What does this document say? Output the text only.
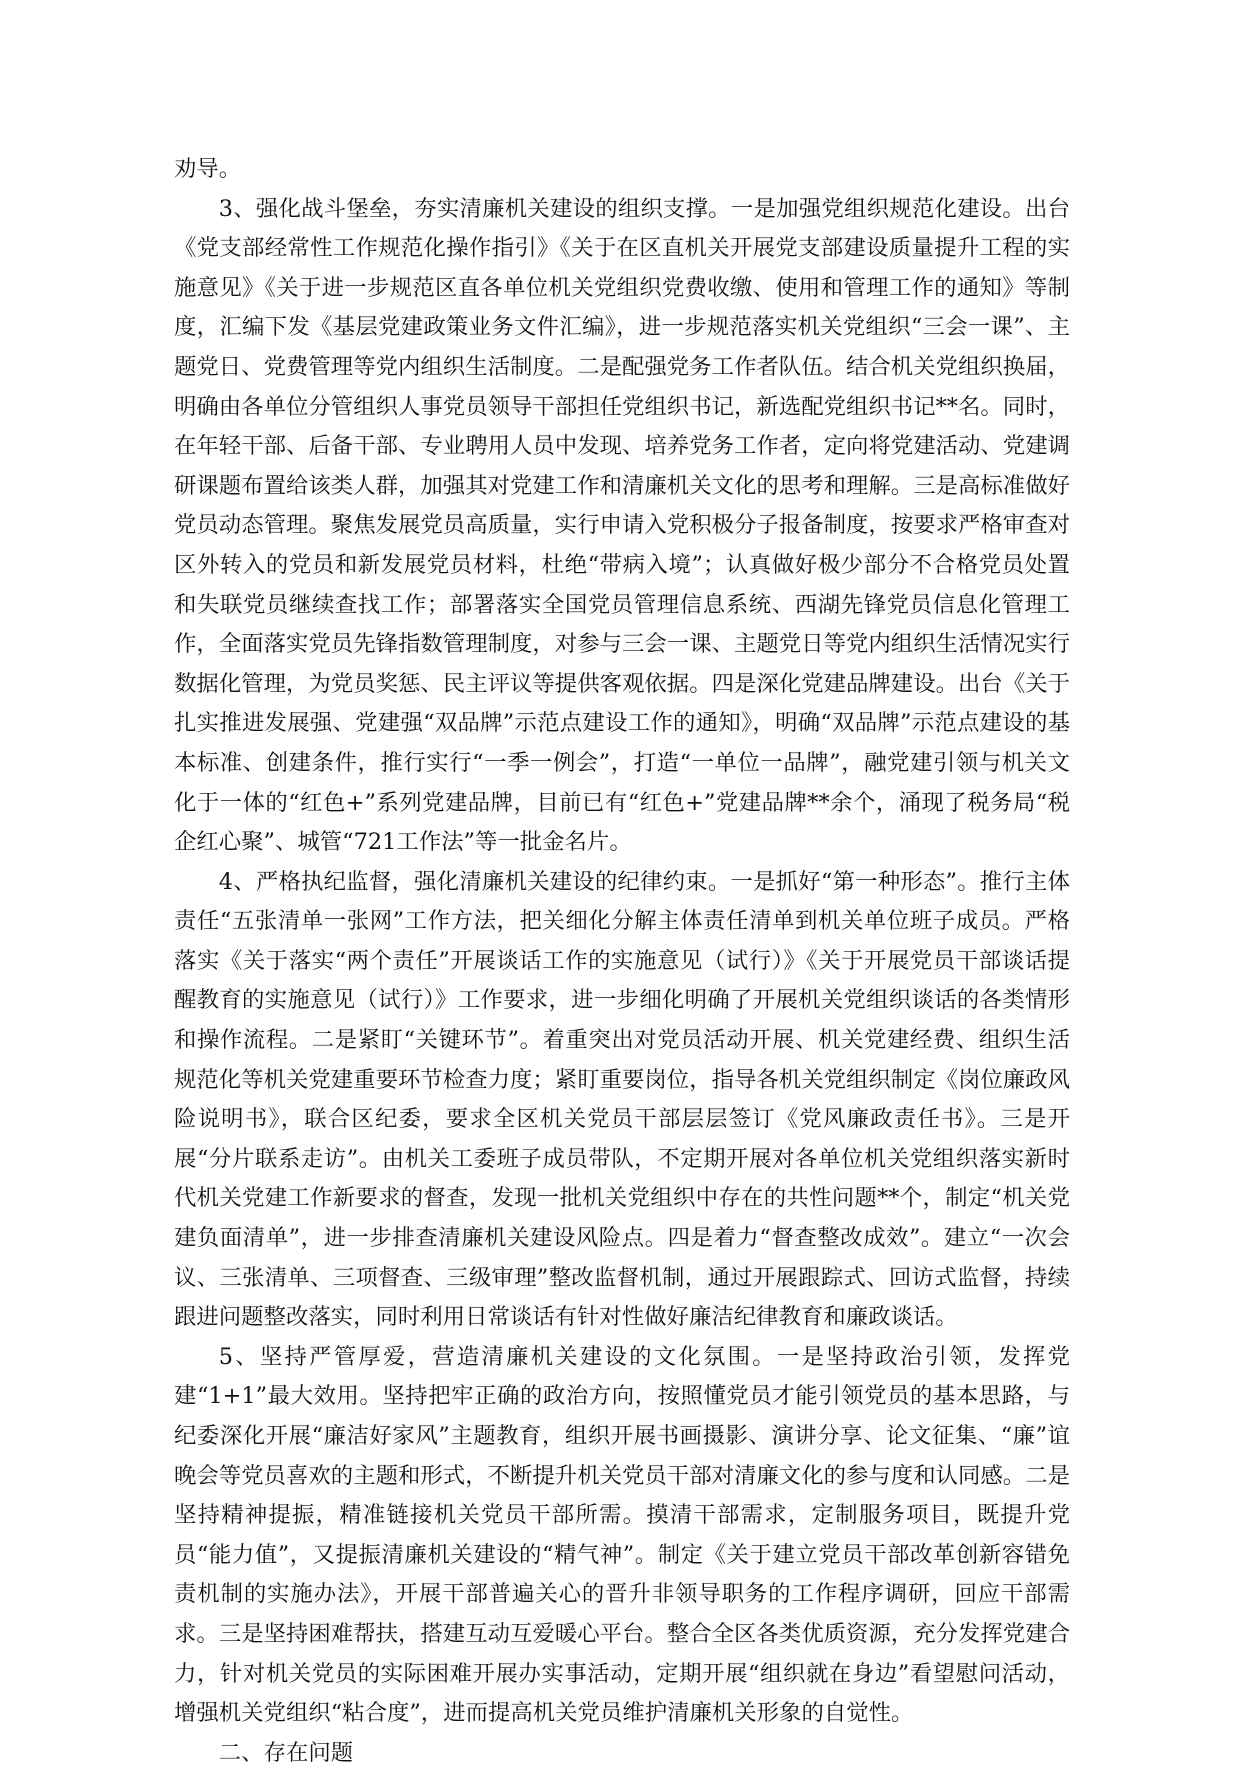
劝导。

3、强化战斗堡垒，夯实清廉机关建设的组织支撑。一是加强党组织规范化建设。出台《党支部经常性工作规范化操作指引》《关于在区直机关开展党支部建设质量提升工程的实施意见》《关于进一步规范区直各单位机关党组织党费收缴、使用和管理工作的通知》等制度，汇编下发《基层党建政策业务文件汇编》，进一步规范落实机关党组织“三会一课”、主题党日、党费管理等党内组织生活制度。二是配强党务工作者队伍。结合机关党组织换届，明确由各单位分管组织人事党员领导干部担任党组织书记，新选配党组织书记**名。同时，在年轻干部、后备干部、专业聘用人员中发现、培养党务工作者，定向将党建活动、党建调研课题布置给该类人群，加强其对党建工作和清廉机关文化的思考和理解。三是高标准做好党员动态管理。聚焦发展党员高质量，实行申请入党积极分子报备制度，按要求严格审查对区外转入的党员和新发展党员材料，杜绝“带病入境”；认真做好极少部分不合格党员处置和失联党员继续查找工作；部署落实全国党员管理信息系统、西湖先锋党员信息化管理工作，全面落实党员先锋指数管理制度，对参与三会一课、主题党日等党内组织生活情况实行数据化管理，为党员奖惩、民主评议等提供客观依据。四是深化党建品牌建设。出台《关于扎实推进发展强、党建强“双品牌”示范点建设工作的通知》，明确“双品牌”示范点建设的基本标准、创建条件，推行实行“一季一例会”，打造“一单位一品牌”，融党建引领与机关文化于一体的“红色+”系列党建品牌，目前已有“红色+”党建品牌**余个，涌现了税务局“税企红心聚”、城管“721工作法”等一批金名片。

4、严格执纪监督，强化清廉机关建设的纪律约束。一是抓好“第一种形态”。推行主体责任“五张清单一张网”工作方法，把关细化分解主体责任清单到机关单位班子成员。严格落实《关于落实“两个责任”开展谈话工作的实施意见（试行）》《关于开展党员干部谈话提醒教育的实施意见（试行）》工作要求，进一步细化明确了开展机关党组织谈话的各类情形和操作流程。二是紧盯“关键环节”。着重突出对党员活动开展、机关党建经费、组织生活规范化等机关党建重要环节检查力度；紧盯重要岗位，指导各机关党组织制定《岗位廉政风险说明书》，联合区纪委，要求全区机关党员干部层层签订《党风廉政责任书》。三是开展“分片联系走访”。由机关工委班子成员带队，不定期开展对各单位机关党组织落实新时代机关党建工作新要求的督查，发现一批机关党组织中存在的共性问题**个，制定“机关党建负面清单”，进一步排查清廉机关建设风险点。四是着力“督查整改成效”。建立“一次会议、三张清单、三项督查、三级审理”整改监督机制，通过开展跟踪式、回访式监督，持续跟进问题整改落实，同时利用日常谈话有针对性做好廉洁纪律教育和廉政谈话。

5、坚持严管厚爱，营造清廉机关建设的文化氛围。一是坚持政治引领，发挥党建“1+1”最大效用。坚持把牢正确的政治方向，按照懂党员才能引领党员的基本思路，与纪委深化开展“廉洁好家风”主题教育，组织开展书画摄影、演讲分享、论文征集、“廉”谊晚会等党员喜欢的主题和形式，不断提升机关党员干部对清廉文化的参与度和认同感。二是坚持精神提振，精准链接机关党员干部所需。摸清干部需求，定制服务项目，既提升党员“能力值”，又提振清廉机关建设的“精气神”。制定《关于建立党员干部改革创新容错免责机制的实施办法》，开展干部普遍关心的晋升非领导职务的工作程序调研，回应干部需求。三是坚持困难帮扶，搭建互动互爱暖心平台。整合全区各类优质资源，充分发挥党建合力，针对机关党员的实际困难开展办实事活动，定期开展“组织就在身边”看望慰问活动，增强机关党组织“粘合度”，进而提高机关党员维护清廉机关形象的自觉性。

二、存在问题
